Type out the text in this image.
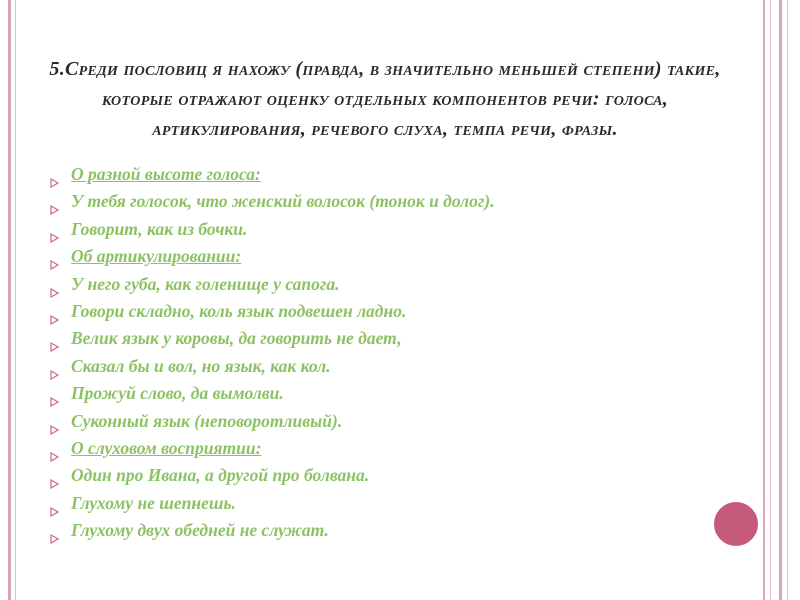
5.Среди пословиц я нахожу (правда, в значительно меньшей степени) такие, которые отражают оценку отдельных компонентов речи: голоса, артикулирования, речевого слуха, темпа речи, фразы.
О разной высоте голоса:
У тебя голосок, что женский волосок (тонок и долог).
Говорит, как из бочки.
Об артикулировании:
У него губа, как голенище у сапога.
Говори складно, коль язык подвешен ладно.
Велик язык у коровы, да говорить не дает,
Сказал бы и вол, но язык, как кол.
Прожуй слово, да вымолви.
Суконный язык (неповоротливый).
О слуховом восприятии:
Один про Ивана, а другой про болвана.
Глухому не шепнешь.
Глухому двух обедней не служат.
